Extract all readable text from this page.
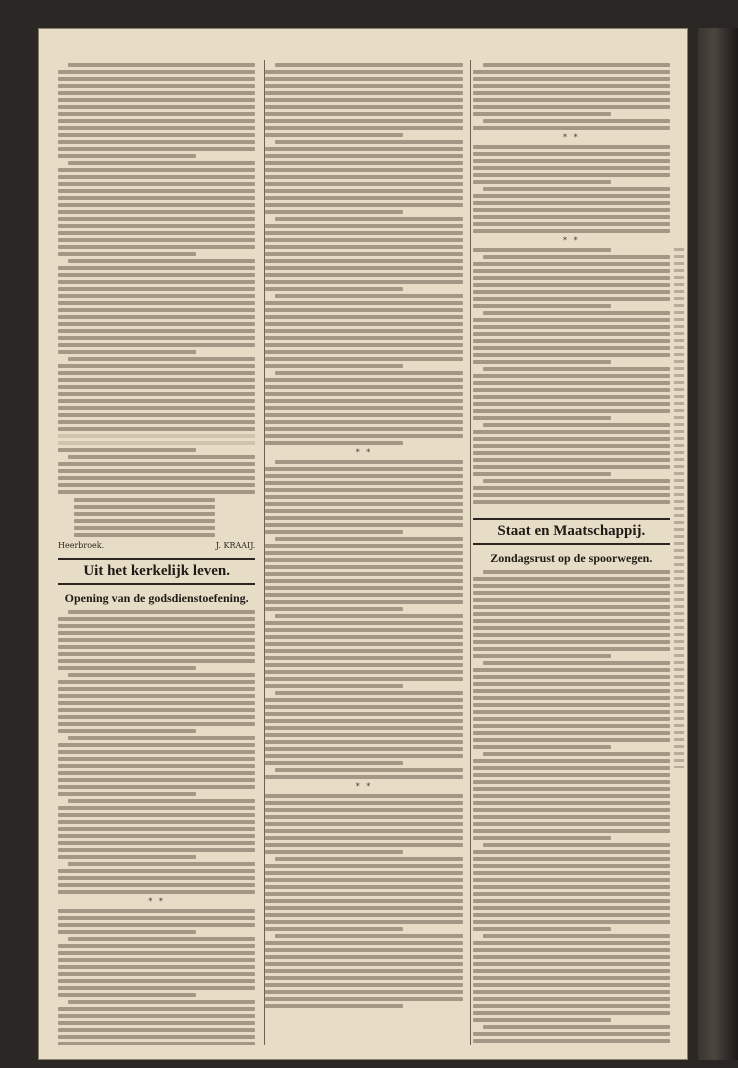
Heerbroek.	J. KRAAIJ.
Uit het kerkelijk leven.
Opening van de godsdienstoefening.
* *
* *
* *
* *
* *
Staat en Maatschappij.
Zondagsrust op de spoorwegen.
